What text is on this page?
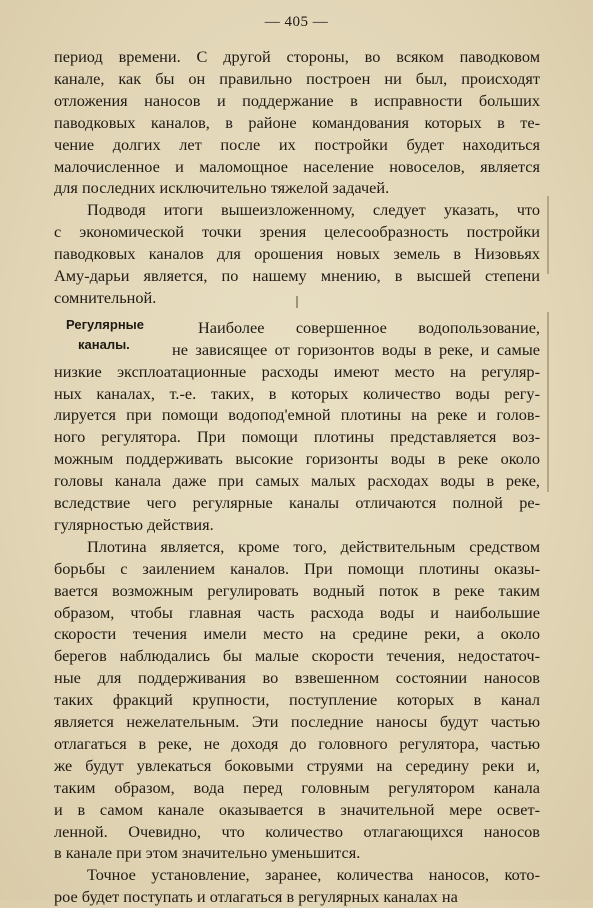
— 405 —
период времени. С другой стороны, во всяком паводковом
канале, как бы он правильно построен ни был, происходят
отложения наносов и поддержание в исправности больших
паводковых каналов, в районе командования которых в те-
чение долгих лет после их постройки будет находиться
малочисленное и маломощное население новоселов, является
для последних исключительно тяжелой задачей.
Подводя итоги вышеизложенному, следует указать, что
с экономической точки зрения целесообразность постройки
паводковых каналов для орошения новых земель в Низовьях
Аму-дарьи является, по нашему мнению, в высшей степени
сомнительной.
Регулярные
каналы.
Наиболее совершенное водопользование,
не зависящее от горизонтов воды в реке, и самые
низкие эксплоатационные расходы имеют место на регуляр-
ных каналах, т.-е. таких, в которых количество воды регу-
лируется при помощи водопод'емной плотины на реке и голов-
ного регулятора. При помощи плотины представляется воз-
можным поддерживать высокие горизонты воды в реке около
головы канала даже при самых малых расходах воды в реке,
вследствие чего регулярные каналы отличаются полной ре-
гулярностью действия.
Плотина является, кроме того, действительным средством
борьбы с заилением каналов. При помощи плотины оказы-
вается возможным регулировать водный поток в реке таким
образом, чтобы главная часть расхода воды и наибольшие
скорости течения имели место на средине реки, а около
берегов наблюдались бы малые скорости течения, недостаточ-
ные для поддерживания во взвешенном состоянии наносов
таких фракций крупности, поступление которых в канал
является нежелательным. Эти последние наносы будут частью
отлагаться в реке, не доходя до головного регулятора, частью
же будут увлекаться боковыми струями на середину реки и,
таким образом, вода перед головным регулятором канала
и в самом канале оказывается в значительной мере освет-
ленной. Очевидно, что количество отлагающихся наносов
в канале при этом значительно уменьшится.
Точное установление, заранее, количества наносов, кото-
рое будет поступать и отлагаться в регулярных каналах на
